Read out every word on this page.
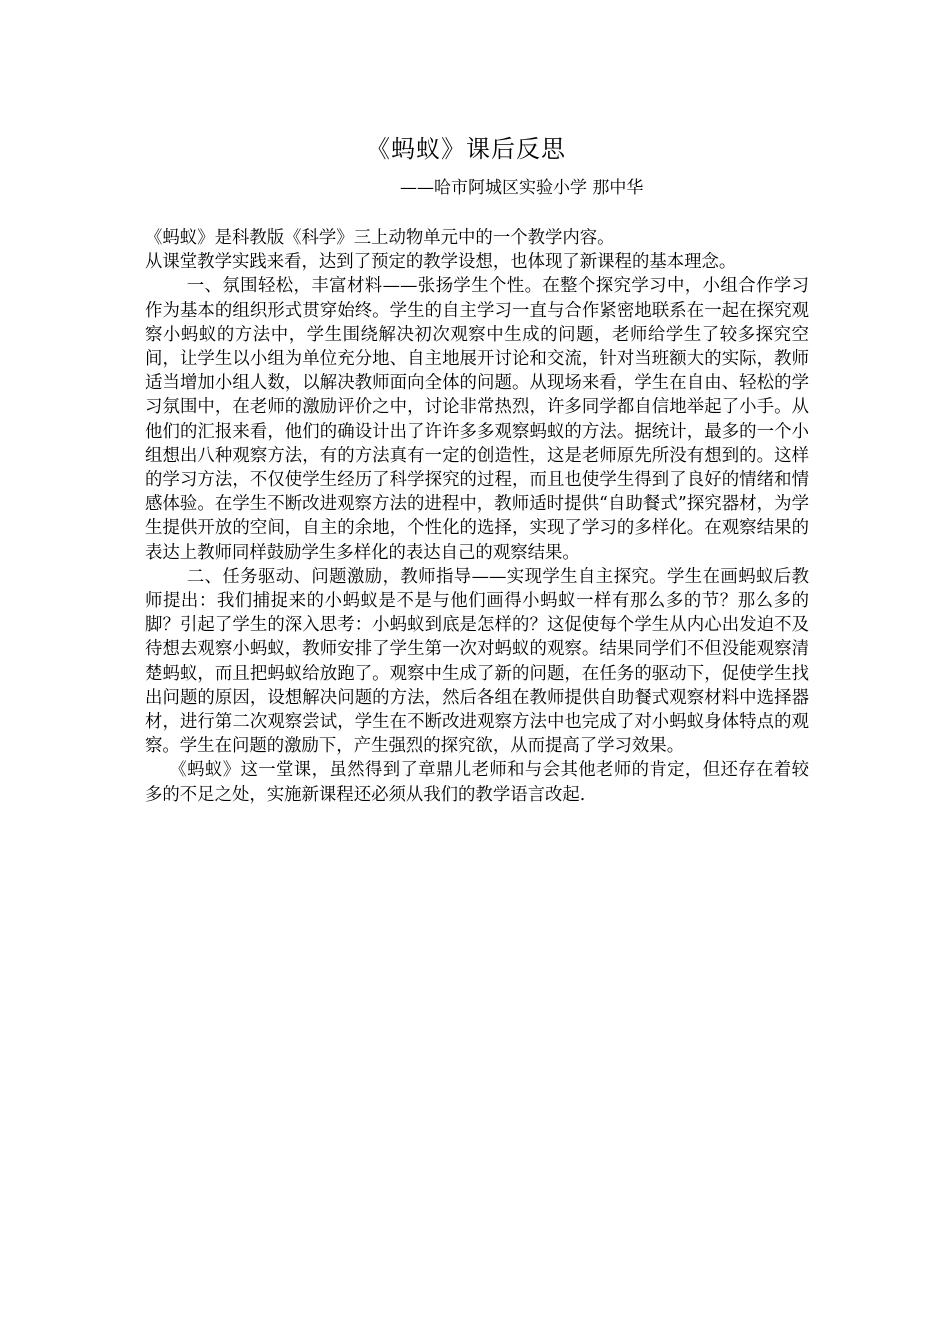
《蚂蚁》课后反思
——哈市阿城区实验小学 那中华

《蚂蚁》是科教版《科学》三上动物单元中的一个教学内容。

从课堂教学实践来看，达到了预定的教学设想，也体现了新课程的基本理念。

一、氛围轻松，丰富材料——张扬学生个性。在整个探究学习中，小组合作学习作为基本的组织形式贯穿始终。学生的自主学习一直与合作紧密地联系在一起在探究观察小蚂蚁的方法中，学生围绕解决初次观察中生成的问题，老师给学生了较多探究空间，让学生以小组为单位充分地、自主地展开讨论和交流，针对当班额大的实际，教师适当增加小组人数，以解决教师面向全体的问题。从现场来看，学生在自由、轻松的学习氛围中，在老师的激励评价之中，讨论非常热烈，许多同学都自信地举起了小手。从他们的汇报来看，他们的确设计出了许许多多观察蚂蚁的方法。据统计，最多的一个小组想出八种观察方法，有的方法真有一定的创造性，这是老师原先所没有想到的。这样的学习方法，不仅使学生经历了科学探究的过程，而且也使学生得到了良好的情绪和情感体验。在学生不断改进观察方法的进程中，教师适时提供“自助餐式”探究器材，为学生提供开放的空间，自主的余地，个性化的选择，实现了学习的多样化。在观察结果的表达上教师同样鼓励学生多样化的表达自己的观察结果。

二、任务驱动、问题激励，教师指导——实现学生自主探究。学生在画蚂蚁后教师提出：我们捕捉来的小蚂蚁是不是与他们画得小蚂蚁一样有那么多的节？那么多的脚？引起了学生的深入思考：小蚂蚁到底是怎样的？这促使每个学生从内心出发迫不及待想去观察小蚂蚁，教师安排了学生第一次对蚂蚁的观察。结果同学们不但没能观察清楚蚂蚁，而且把蚂蚁给放跑了。观察中生成了新的问题，在任务的驱动下，促使学生找出问题的原因，设想解决问题的方法，然后各组在教师提供自助餐式观察材料中选择器材，进行第二次观察尝试，学生在不断改进观察方法中也完成了对小蚂蚁身体特点的观察。学生在问题的激励下，产生强烈的探究欲，从而提高了学习效果。

《蚂蚁》这一堂课，虽然得到了章鼎儿老师和与会其他老师的肯定，但还存在着较多的不足之处，实施新课程还必须从我们的教学语言改起.
